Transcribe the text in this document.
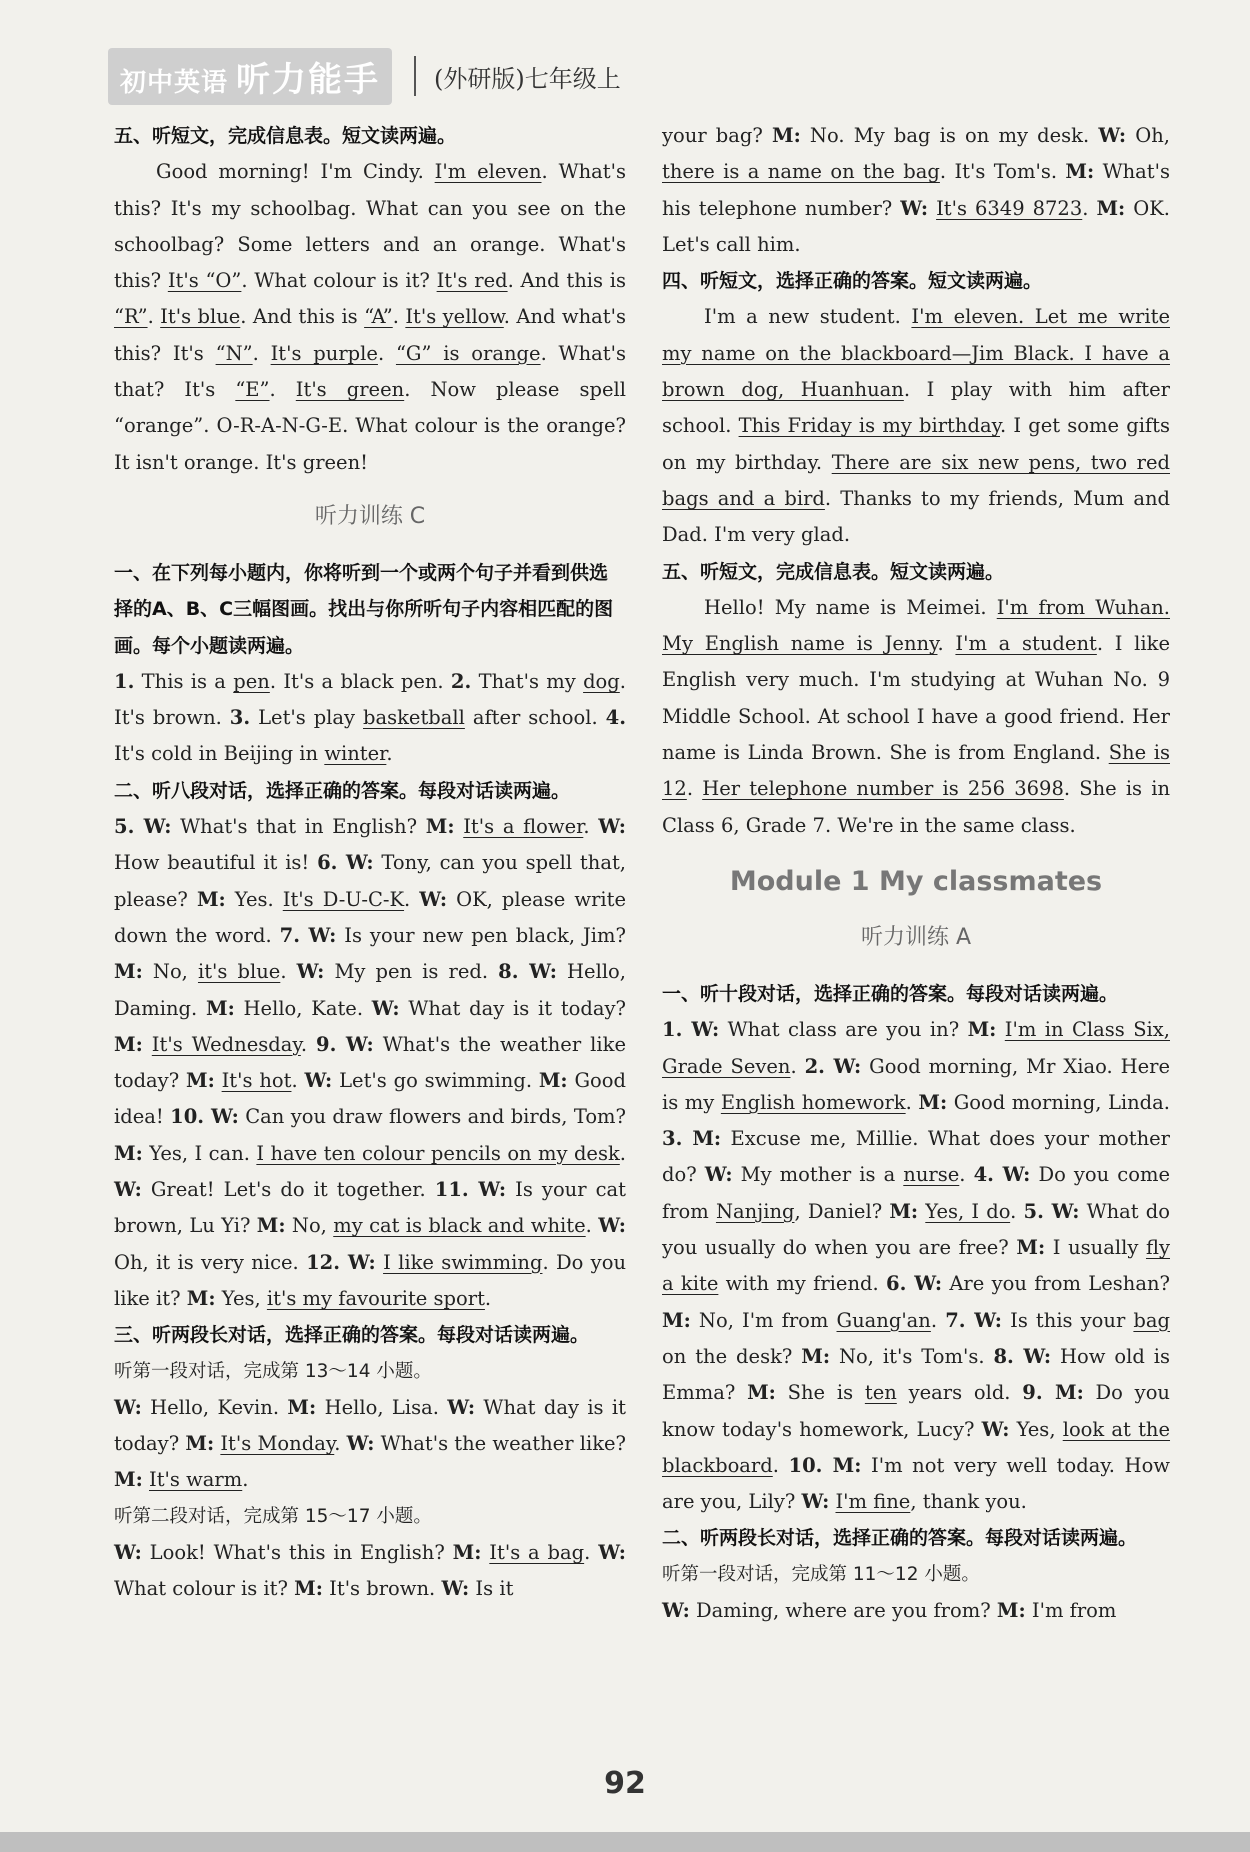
初中英语 听力能手 (外研版)七年级上
五、听短文，完成信息表。短文读两遍。

Good morning! I'm Cindy. I'm eleven. What's this? It's my schoolbag. What can you see on the schoolbag? Some letters and an orange. What's this? It's “O”. What colour is it? It's red. And this is “R”. It's blue. And this is “A”. It's yellow. And what's this? It's “N”. It's purple. “G” is orange. What's that? It's “E”. It's green. Now please spell “orange”. O-R-A-N-G-E. What colour is the orange? It isn't orange. It's green!

听力训练 C
一、在下列每小题内，你将听到一个或两个句子并看到供选择的A、B、C三幅图画。找出与你所听句子内容相匹配的图画。每个小题读两遍。

1. This is a pen. It's a black pen. 2. That's my dog. It's brown. 3. Let's play basketball after school. 4. It's cold in Beijing in winter.

二、听八段对话，选择正确的答案。每段对话读两遍。

5. W: What's that in English? M: It's a flower. W: How beautiful it is! 6. W: Tony, can you spell that, please? M: Yes. It's D-U-C-K. W: OK, please write down the word. 7. W: Is your new pen black, Jim? M: No, it's blue. W: My pen is red. 8. W: Hello, Daming. M: Hello, Kate. W: What day is it today? M: It's Wednesday. 9. W: What's the weather like today? M: It's hot. W: Let's go swimming. M: Good idea! 10. W: Can you draw flowers and birds, Tom? M: Yes, I can. I have ten colour pencils on my desk. W: Great! Let's do it together. 11. W: Is your cat brown, Lu Yi? M: No, my cat is black and white. W: Oh, it is very nice. 12. W: I like swimming. Do you like it? M: Yes, it's my favourite sport.

三、听两段长对话，选择正确的答案。每段对话读两遍。
听第一段对话，完成第 13～14 小题。

W: Hello, Kevin. M: Hello, Lisa. W: What day is it today? M: It's Monday. W: What's the weather like? M: It's warm.

听第二段对话，完成第 15～17 小题。

W: Look! What's this in English? M: It's a bag. W: What colour is it? M: It's brown. W: Is it

your bag? M: No. My bag is on my desk. W: Oh, there is a name on the bag. It's Tom's. M: What's his telephone number? W: It's 6349 8723. M: OK. Let's call him.

四、听短文，选择正确的答案。短文读两遍。

I'm a new student. I'm eleven. Let me write my name on the blackboard—Jim Black. I have a brown dog, Huanhuan. I play with him after school. This Friday is my birthday. I get some gifts on my birthday. There are six new pens, two red bags and a bird. Thanks to my friends, Mum and Dad. I'm very glad.

五、听短文，完成信息表。短文读两遍。

Hello! My name is Meimei. I'm from Wuhan. My English name is Jenny. I'm a student. I like English very much. I'm studying at Wuhan No. 9 Middle School. At school I have a good friend. Her name is Linda Brown. She is from England. She is 12. Her telephone number is 256 3698. She is in Class 6, Grade 7. We're in the same class.

Module 1 My classmates
听力训练 A
一、听十段对话，选择正确的答案。每段对话读两遍。

1. W: What class are you in? M: I'm in Class Six, Grade Seven. 2. W: Good morning, Mr Xiao. Here is my English homework. M: Good morning, Linda. 3. M: Excuse me, Millie. What does your mother do? W: My mother is a nurse. 4. W: Do you come from Nanjing, Daniel? M: Yes, I do. 5. W: What do you usually do when you are free? M: I usually fly a kite with my friend. 6. W: Are you from Leshan? M: No, I'm from Guang'an. 7. W: Is this your bag on the desk? M: No, it's Tom's. 8. W: How old is Emma? M: She is ten years old. 9. M: Do you know today's homework, Lucy? W: Yes, look at the blackboard. 10. M: I'm not very well today. How are you, Lily? W: I'm fine, thank you.

二、听两段长对话，选择正确的答案。每段对话读两遍。
听第一段对话，完成第 11～12 小题。

W: Daming, where are you from? M: I'm from

92
